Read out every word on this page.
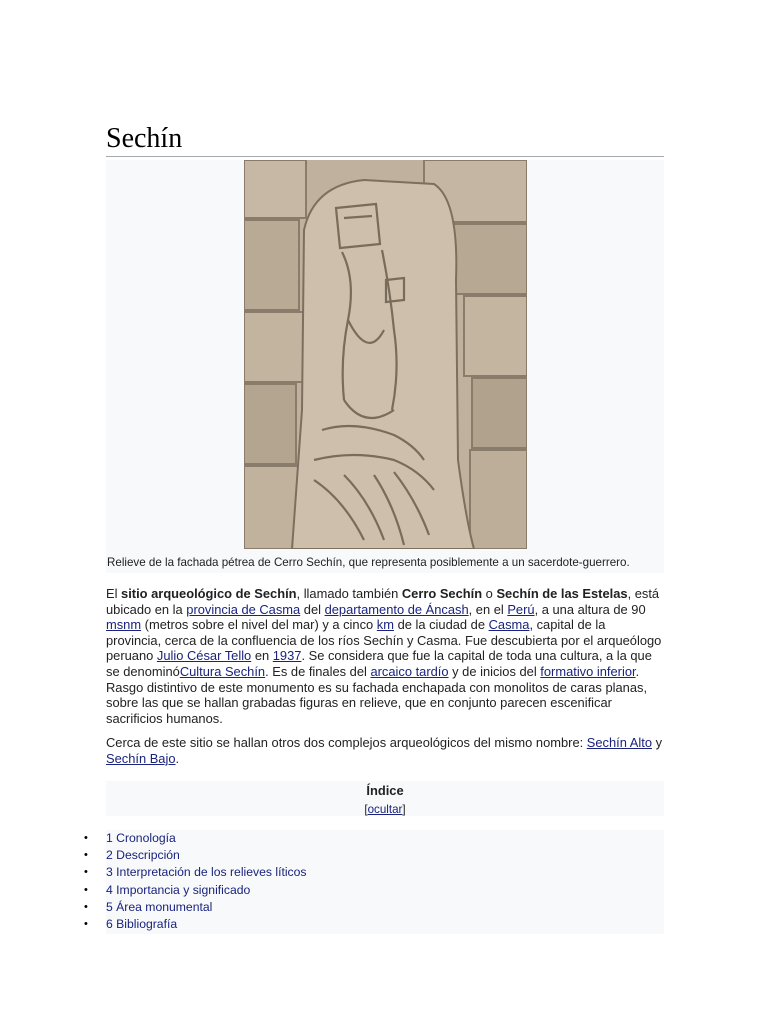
Sechín
Relieve de la fachada pétrea de Cerro Sechín, que representa posiblemente a un sacerdote-guerrero.

El sitio arqueológico de Sechín, llamado también Cerro Sechín o Sechín de las Estelas, está ubicado en la provincia de Casma del departamento de Áncash, en el Perú, a una altura de 90 msnm (metros sobre el nivel del mar) y a cinco km de la ciudad de Casma, capital de la provincia, cerca de la confluencia de los ríos Sechín y Casma. Fue descubierta por el arqueólogo peruano Julio César Tello en 1937. Se considera que fue la capital de toda una cultura, a la que se denominóCultura Sechín. Es de finales del arcaico tardío y de inicios del formativo inferior. Rasgo distintivo de este monumento es su fachada enchapada con monolitos de caras planas, sobre las que se hallan grabadas figuras en relieve, que en conjunto parecen escenificar sacrificios humanos.

Cerca de este sitio se hallan otros dos complejos arqueológicos del mismo nombre: Sechín Alto y Sechín Bajo.

Índice
[ocultar]
• 1 Cronología
• 2 Descripción
• 3 Interpretación de los relieves líticos
• 4 Importancia y significado
• 5 Área monumental
• 6 Bibliografía
